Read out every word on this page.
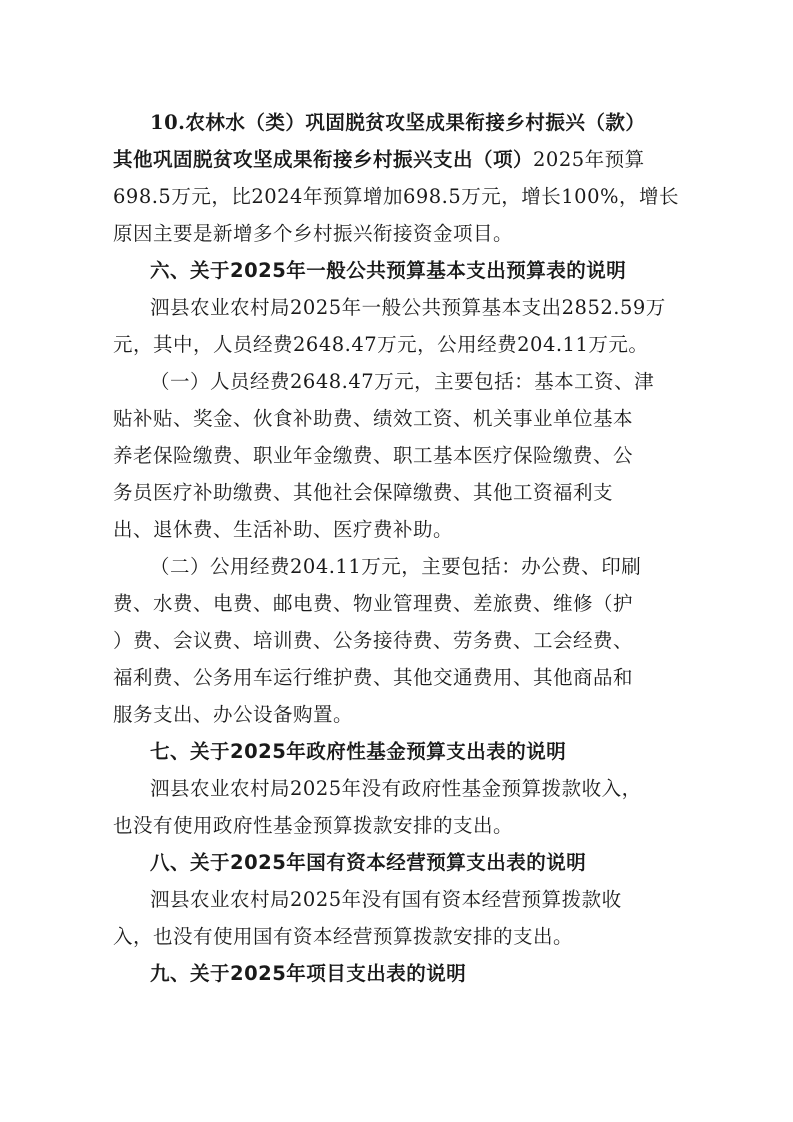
10.农林水（类）巩固脱贫攻坚成果衔接乡村振兴（款）
其他巩固脱贫攻坚成果衔接乡村振兴支出（项）2025年预算
698.5万元，比2024年预算增加698.5万元，增长100%，增长
原因主要是新增多个乡村振兴衔接资金项目。
六、关于2025年一般公共预算基本支出预算表的说明
泗县农业农村局2025年一般公共预算基本支出2852.59万
元，其中，人员经费2648.47万元，公用经费204.11万元。
（一）人员经费2648.47万元，主要包括：基本工资、津
贴补贴、奖金、伙食补助费、绩效工资、机关事业单位基本
养老保险缴费、职业年金缴费、职工基本医疗保险缴费、公
务员医疗补助缴费、其他社会保障缴费、其他工资福利支
出、退休费、生活补助、医疗费补助。
（二）公用经费204.11万元，主要包括：办公费、印刷
费、水费、电费、邮电费、物业管理费、差旅费、维修（护
）费、会议费、培训费、公务接待费、劳务费、工会经费、
福利费、公务用车运行维护费、其他交通费用、其他商品和
服务支出、办公设备购置。
七、关于2025年政府性基金预算支出表的说明
泗县农业农村局2025年没有政府性基金预算拨款收入，
也没有使用政府性基金预算拨款安排的支出。
八、关于2025年国有资本经营预算支出表的说明
泗县农业农村局2025年没有国有资本经营预算拨款收
入，也没有使用国有资本经营预算拨款安排的支出。
九、关于2025年项目支出表的说明
